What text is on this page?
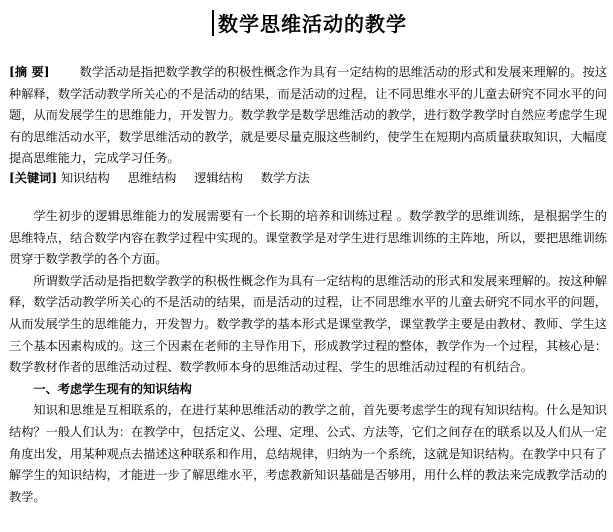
数学思维活动的教学
[摘 要] 数学活动是指把数学教学的积极性概念作为具有一定结构的思维活动的形式和发展来理解的。按这种解释，数学活动教学所关心的不是活动的结果，而是活动的过程，让不同思维水平的儿童去研究不同水平的问题，从而发展学生的思维能力，开发智力。数学教学是数学思维活动的教学，进行数学教学时自然应考虑学生现有的思维活动水平，数学思维活动的教学，就是要尽量克服这些制约，使学生在短期内高质量获取知识，大幅度提高思维能力，完成学习任务。
[关键词] 知识结构 思维结构 逻辑结构 数学方法

学生初步的逻辑思维能力的发展需要有一个长期的培养和训练过程 。数学教学的思维训练，是根据学生的思维特点，结合数学内容在教学过程中实现的。课堂教学是对学生进行思维训练的主阵地，所以，要把思维训练贯穿于数学教学的各个方面。

所谓数学活动是指把数学教学的积极性概念作为具有一定结构的思维活动的形式和发展来理解的。按这种解释，数学活动教学所关心的不是活动的结果，而是活动的过程，让不同思维水平的儿童去研究不同水平的问题，从而发展学生的思维能力，开发智力。数学教学的基本形式是课堂教学，课堂教学主要是由教材、教师、学生这三个基本因素构成的。这三个因素在老师的主导作用下，形成教学过程的整体，教学作为一个过程，其核心是：数学教材作者的思维活动过程、数学教师本身的思维活动过程、学生的思维活动过程的有机结合。

一、考虑学生现有的知识结构

知识和思维是互相联系的，在进行某种思维活动的教学之前，首先要考虑学生的现有知识结构。什么是知识结构？一般人们认为：在教学中，包括定义、公理、定理、公式、方法等，它们之间存在的联系以及人们从一定角度出发，用某种观点去描述这种联系和作用，总结规律，归纳为一个系统，这就是知识结构。在教学中只有了解学生的知识结构，才能进一步了解思维水平，考虑教新知识基础是否够用，用什么样的教法来完成教学活动的教学。
